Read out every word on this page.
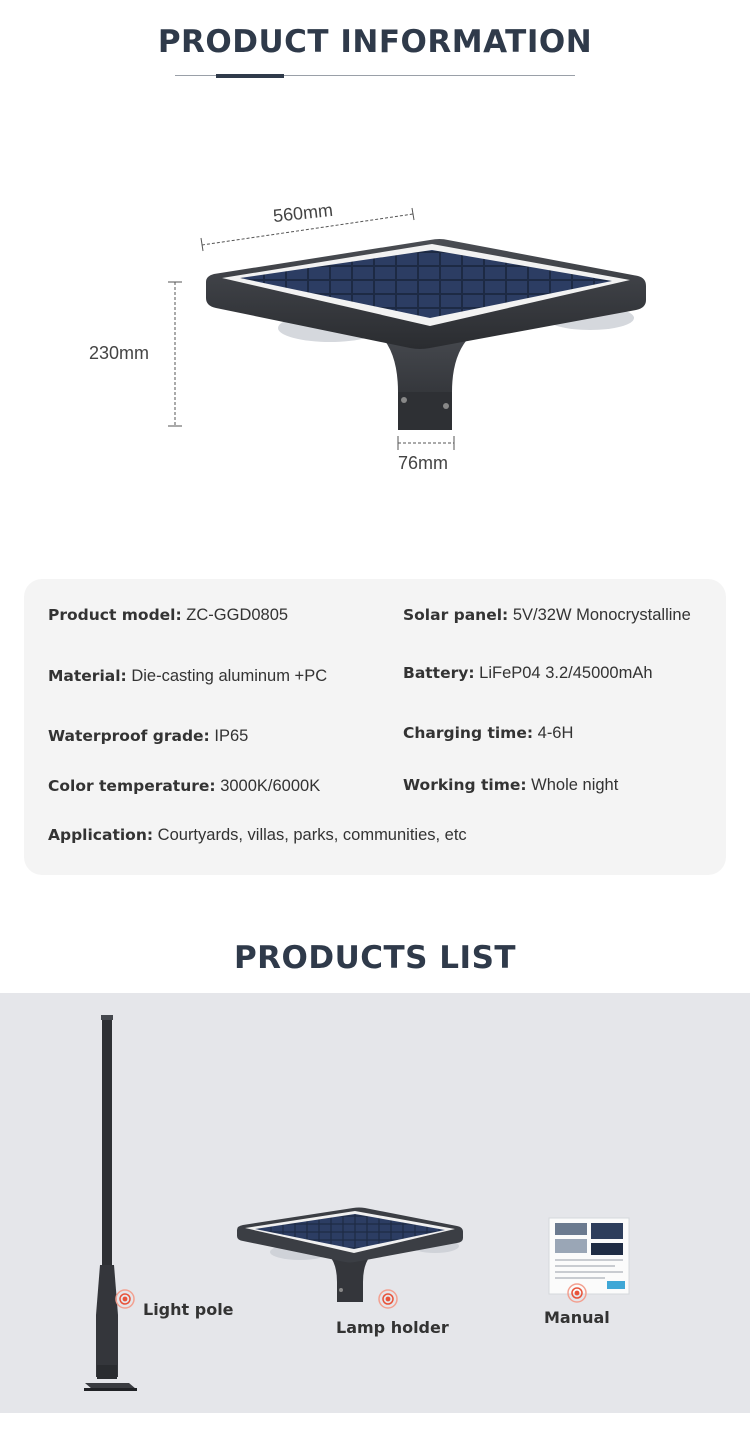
PRODUCT INFORMATION
560mm
230mm
76mm
Product model: ZC-GGD0805	Solar panel: 5V/32W Monocrystalline
Material: Die-casting aluminum +PC	Battery: LiFeP04 3.2/45000mAh
Waterproof grade: IP65	Charging time: 4-6H
Color temperature: 3000K/6000K	Working time: Whole night
Application: Courtyards, villas, parks, communities, etc
PRODUCTS LIST
Light pole
Lamp holder
Manual
